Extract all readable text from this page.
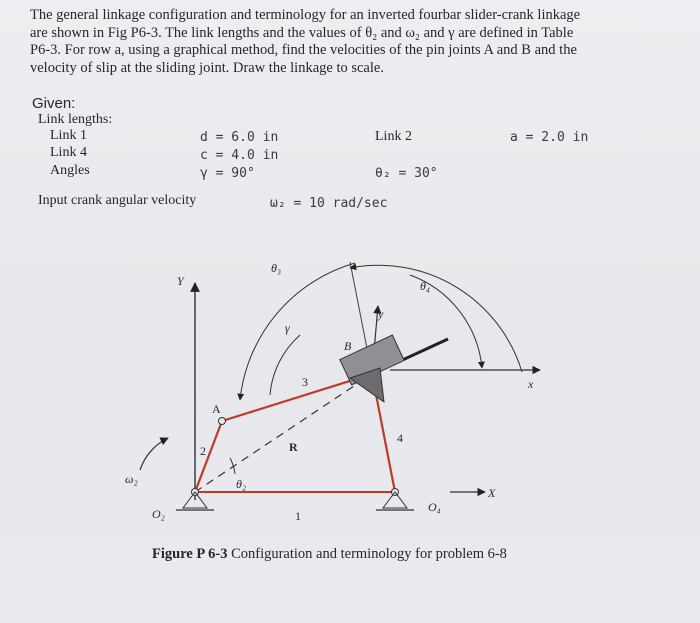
The general linkage configuration and terminology for an inverted fourbar slider-crank linkage

are shown in Fig P6-3. The link lengths and the values of θ₂ and ω₂ and γ are defined in Table

P6-3. For row a, using a graphical method, find the velocities of the pin joints A and B and the

velocity of slip at the sliding joint. Draw the linkage to scale.

Given:
Link lengths:
Link 1	d = 6.0 in	Link 2	a = 2.0 in
Link 4	c = 4.0 in
Angles	γ = 90°	θ₂ = 30°
Input crank angular velocity	ω₂ = 10 rad/sec
Y
θ₃
θ₄
y
γ
B
x
3
A
2
4
R
θ₂
ω₂
O₂	1
O₄
X
Figure P 6-3 Configuration and terminology for problem 6-8
